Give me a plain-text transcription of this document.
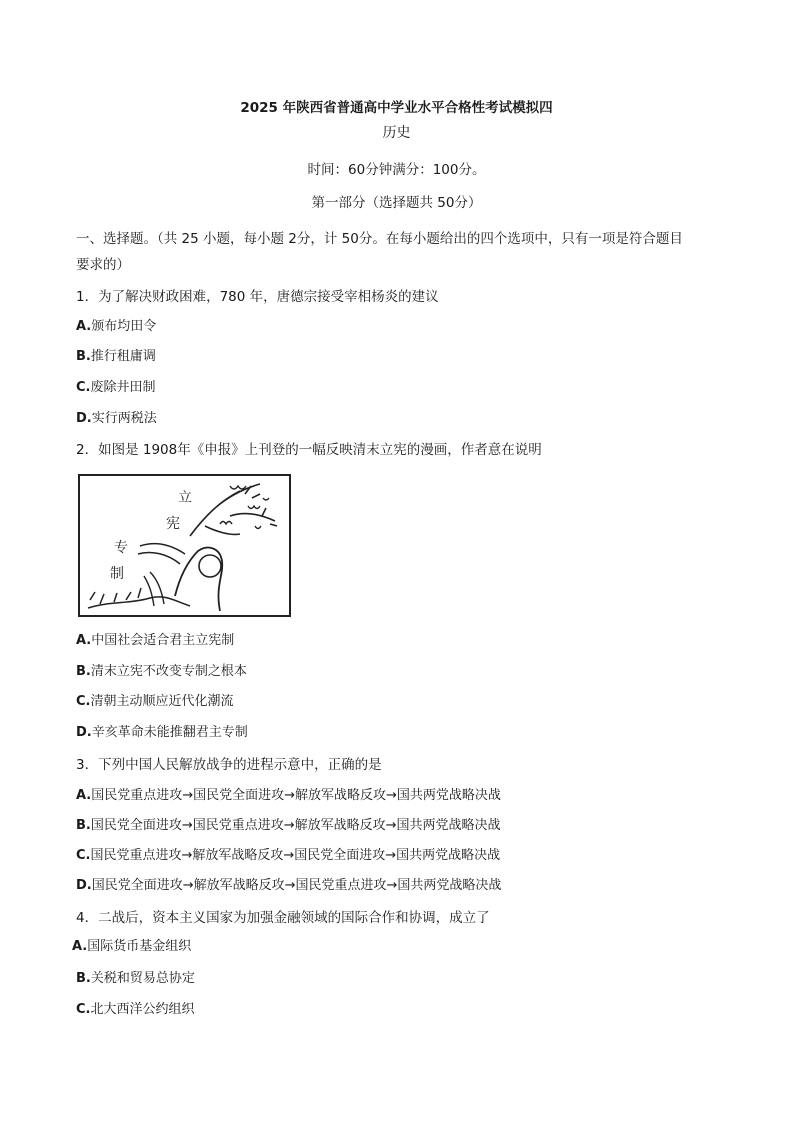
2025 年陕西省普通高中学业水平合格性考试模拟四
历史
时间：60分钟满分：100分。
第一部分（选择题共 50分）
一、选择题。（共 25 小题，每小题 2分，计 50分。在每小题给出的四个选项中，只有一项是符合题目
要求的）
1．为了解决财政困难，780 年，唐德宗接受宰相杨炎的建议
A.颁布均田令
B.推行租庸调
C.废除井田制
D.实行两税法
2．如图是 1908年《申报》上刊登的一幅反映清末立宪的漫画，作者意在说明
立
宪
专
制
A.中国社会适合君主立宪制
B.清末立宪不改变专制之根本
C.清朝主动顺应近代化潮流
D.辛亥革命未能推翻君主专制
3．下列中国人民解放战争的进程示意中，正确的是
A.国民党重点进攻→国民党全面进攻→解放军战略反攻→国共两党战略决战
B.国民党全面进攻→国民党重点进攻→解放军战略反攻→国共两党战略决战
C.国民党重点进攻→解放军战略反攻→国民党全面进攻→国共两党战略决战
D.国民党全面进攻→解放军战略反攻→国民党重点进攻→国共两党战略决战
4．二战后，资本主义国家为加强金融领域的国际合作和协调，成立了
A.国际货币基金组织
B.关税和贸易总协定
C.北大西洋公约组织
